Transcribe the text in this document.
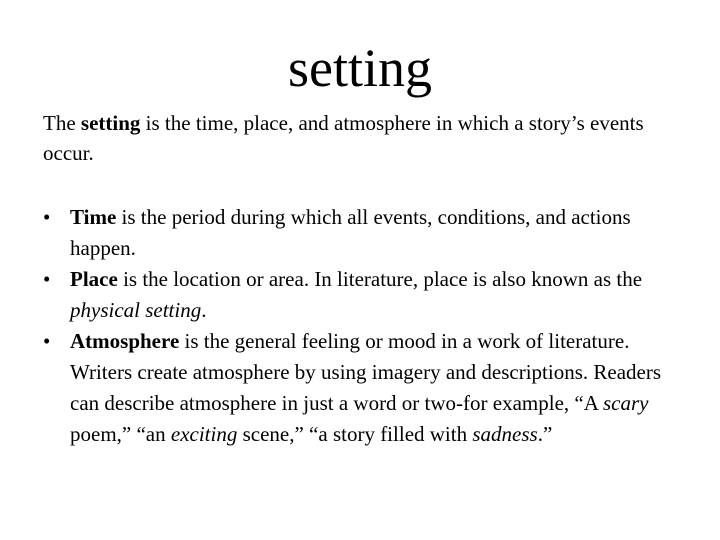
setting

The setting is the time, place, and atmosphere in which a story’s events occur.

• Time is the period during which all events, conditions, and actions happen.
• Place is the location or area. In literature, place is also known as the physical setting.
• Atmosphere is the general feeling or mood in a work of literature. Writers create atmosphere by using imagery and descriptions. Readers can describe atmosphere in just a word or two-for example, “A scary poem,” “an exciting scene,” “a story filled with sadness.”
